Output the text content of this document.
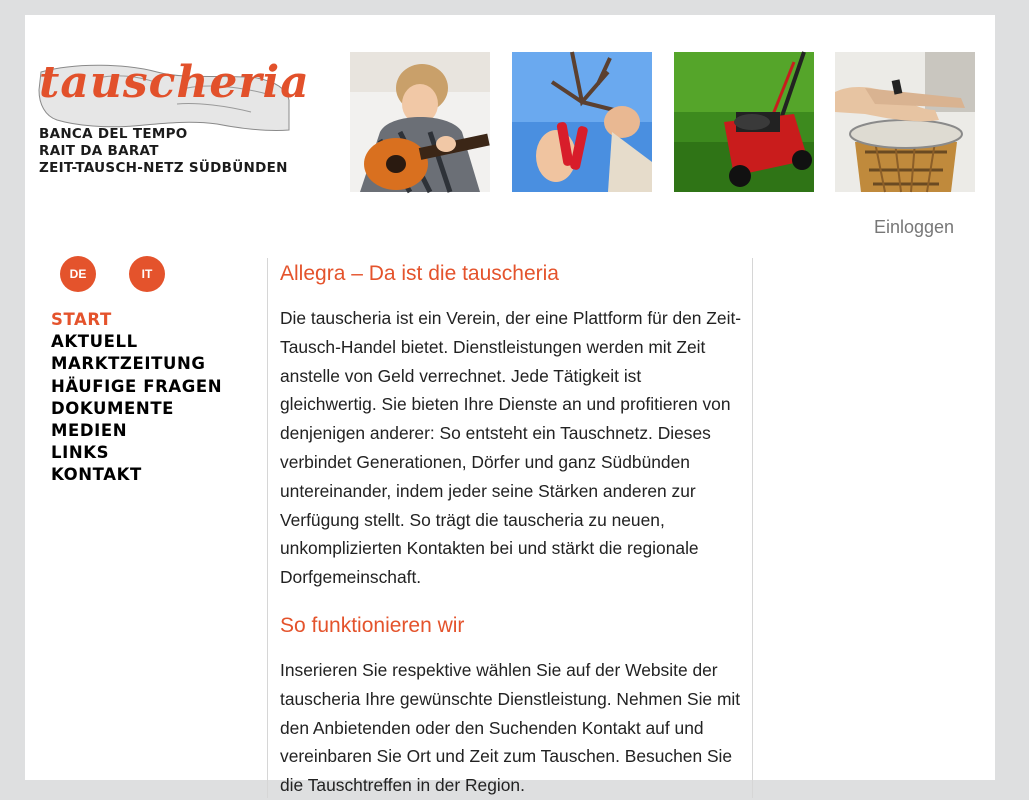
tauscheria
BANCA DEL TEMPO
RAIT DA BARAT
ZEIT-TAUSCH-NETZ SÜDBÜNDEN
Einloggen
DE	IT
START
AKTUELL
MARKTZEITUNG
HÄUFIGE FRAGEN
DOKUMENTE
MEDIEN
LINKS
KONTAKT
Allegra – Da ist die tauscheria

Die tauscheria ist ein Verein, der eine Plattform für den Zeit-Tausch-Handel bietet. Dienstleistungen werden mit Zeit anstelle von Geld verrechnet. Jede Tätigkeit ist gleichwertig. Sie bieten Ihre Dienste an und profitieren von denjenigen anderer: So entsteht ein Tauschnetz. Dieses verbindet Generationen, Dörfer und ganz Südbünden untereinander, indem jeder seine Stärken anderen zur Verfügung stellt. So trägt die tauscheria zu neuen, unkomplizierten Kontakten bei und stärkt die regionale Dorfgemeinschaft.

So funktionieren wir

Inserieren Sie respektive wählen Sie auf der Website der tauscheria Ihre gewünschte Dienstleistung. Nehmen Sie mit den Anbietenden oder den Suchenden Kontakt auf und vereinbaren Sie Ort und Zeit zum Tauschen. Besuchen Sie die Tauschtreffen in der Region.
